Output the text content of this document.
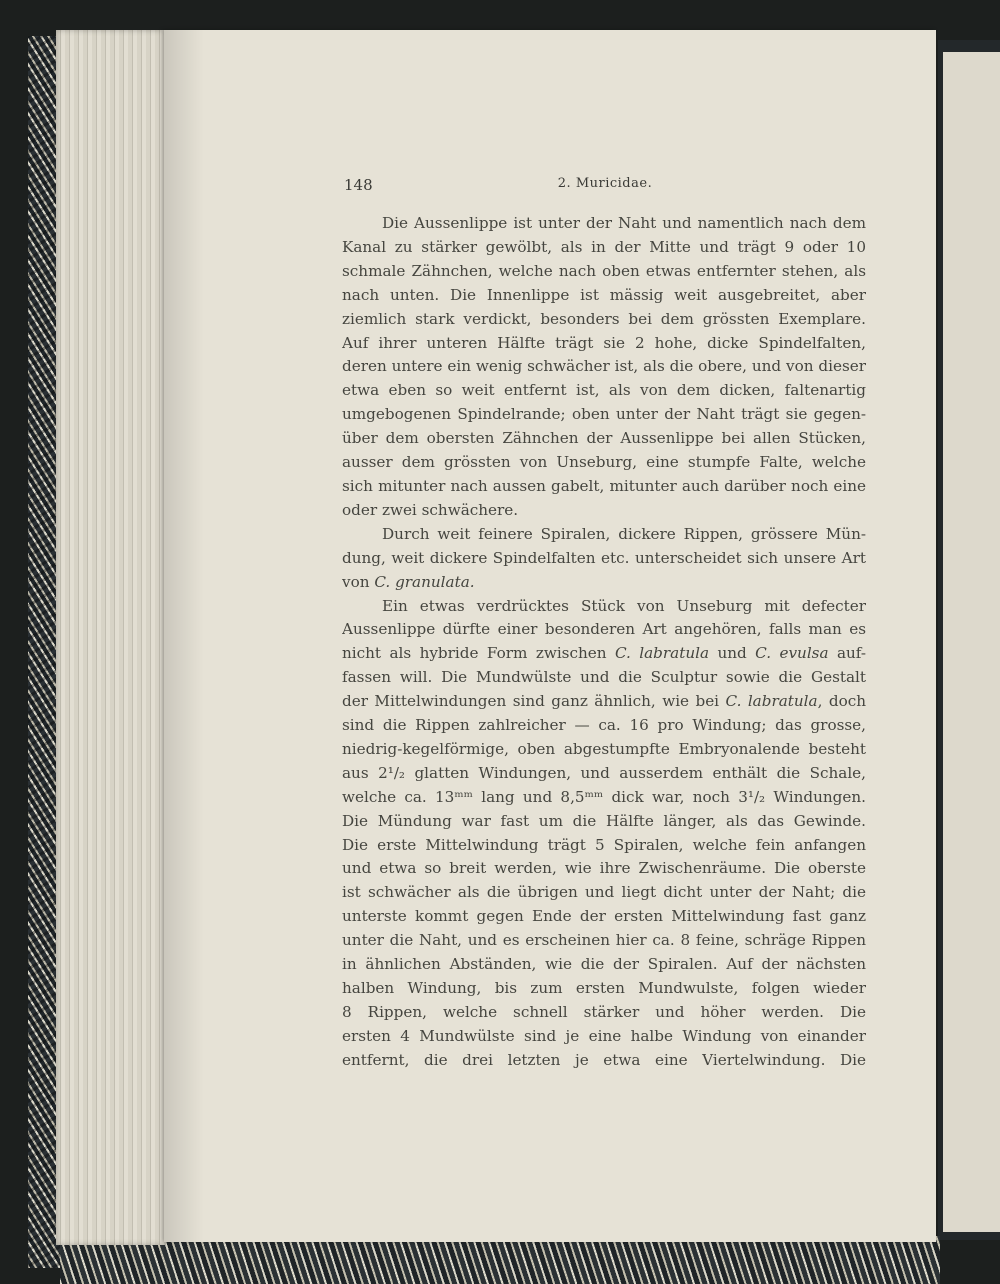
148	2. Muricidae.
Die Aussenlippe ist unter der Naht und namentlich nach dem
Kanal zu stärker gewölbt, als in der Mitte und trägt 9 oder 10
schmale Zähnchen, welche nach oben etwas entfernter stehen, als
nach unten. Die Innenlippe ist mässig weit ausgebreitet, aber
ziemlich stark verdickt, besonders bei dem grössten Exemplare.
Auf ihrer unteren Hälfte trägt sie 2 hohe, dicke Spindelfalten,
deren untere ein wenig schwächer ist, als die obere, und von dieser
etwa eben so weit entfernt ist, als von dem dicken, faltenartig
umgebogenen Spindelrande; oben unter der Naht trägt sie gegen-
über dem obersten Zähnchen der Aussenlippe bei allen Stücken,
ausser dem grössten von Unseburg, eine stumpfe Falte, welche
sich mitunter nach aussen gabelt, mitunter auch darüber noch eine
oder zwei schwächere.
Durch weit feinere Spiralen, dickere Rippen, grössere Mün-
dung, weit dickere Spindelfalten etc. unterscheidet sich unsere Art
von C. granulata.
Ein etwas verdrücktes Stück von Unseburg mit defecter
Aussenlippe dürfte einer besonderen Art angehören, falls man es
nicht als hybride Form zwischen C. labratula und C. evulsa auf-
fassen will. Die Mundwülste und die Sculptur sowie die Gestalt
der Mittelwindungen sind ganz ähnlich, wie bei C. labratula, doch
sind die Rippen zahlreicher — ca. 16 pro Windung; das grosse,
niedrig-kegelförmige, oben abgestumpfte Embryonalende besteht
aus 2¹/₂ glatten Windungen, und ausserdem enthält die Schale,
welche ca. 13ᵐᵐ lang und 8,5ᵐᵐ dick war, noch 3¹/₂ Windungen.
Die Mündung war fast um die Hälfte länger, als das Gewinde.
Die erste Mittelwindung trägt 5 Spiralen, welche fein anfangen
und etwa so breit werden, wie ihre Zwischenräume. Die oberste
ist schwächer als die übrigen und liegt dicht unter der Naht; die
unterste kommt gegen Ende der ersten Mittelwindung fast ganz
unter die Naht, und es erscheinen hier ca. 8 feine, schräge Rippen
in ähnlichen Abständen, wie die der Spiralen. Auf der nächsten
halben Windung, bis zum ersten Mundwulste, folgen wieder
8 Rippen, welche schnell stärker und höher werden. Die
ersten 4 Mundwülste sind je eine halbe Windung von einander
entfernt, die drei letzten je etwa eine Viertelwindung. Die
